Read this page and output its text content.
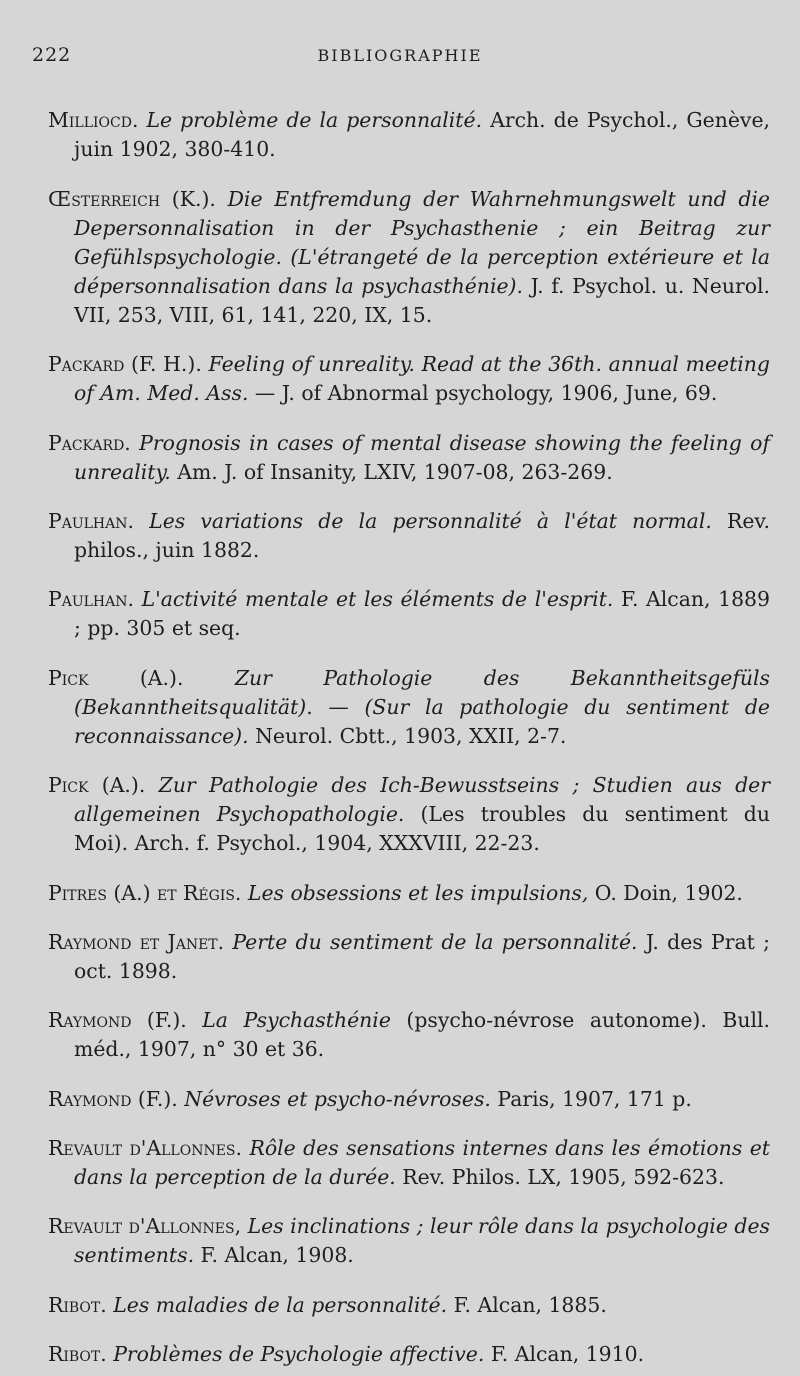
222	BIBLIOGRAPHIE

Milliocd. Le problème de la personnalité. Arch. de Psychol., Genève, juin 1902, 380-410.

Œsterreich (K.). Die Entfremdung der Wahrnehmungswelt und die Depersonnalisation in der Psychasthenie ; ein Beitrag zur Gefühlspsychologie. (L'étrangeté de la perception extérieure et la dépersonnalisation dans la psychasthénie). J. f. Psychol. u. Neurol. VII, 253, VIII, 61, 141, 220, IX, 15.

Packard (F. H.). Feeling of unreality. Read at the 36th. annual meeting of Am. Med. Ass. — J. of Abnormal psychology, 1906, June, 69.

Packard. Prognosis in cases of mental disease showing the feeling of unreality. Am. J. of Insanity, LXIV, 1907-08, 263-269.

Paulhan. Les variations de la personnalité à l'état normal. Rev. philos., juin 1882.

Paulhan. L'activité mentale et les éléments de l'esprit. F. Alcan, 1889 ; pp. 305 et seq.

Pick (A.). Zur Pathologie des Bekanntheitsgefüls (Bekanntheitsqualität). — (Sur la pathologie du sentiment de reconnaissance). Neurol. Cbtt., 1903, XXII, 2-7.

Pick (A.). Zur Pathologie des Ich-Bewusstseins ; Studien aus der allgemeinen Psychopathologie. (Les troubles du sentiment du Moi). Arch. f. Psychol., 1904, XXXVIII, 22-23.

Pitres (A.) et Régis. Les obsessions et les impulsions, O. Doin, 1902.

Raymond et Janet. Perte du sentiment de la personnalité. J. des Prat ; oct. 1898.

Raymond (F.). La Psychasthénie (psycho-névrose autonome). Bull. méd., 1907, n° 30 et 36.

Raymond (F.). Névroses et psycho-névroses. Paris, 1907, 171 p.

Revault d'Allonnes. Rôle des sensations internes dans les émotions et dans la perception de la durée. Rev. Philos. LX, 1905, 592-623.

Revault d'Allonnes, Les inclinations ; leur rôle dans la psychologie des sentiments. F. Alcan, 1908.

Ribot. Les maladies de la personnalité. F. Alcan, 1885.

Ribot. Problèmes de Psychologie affective. F. Alcan, 1910.
